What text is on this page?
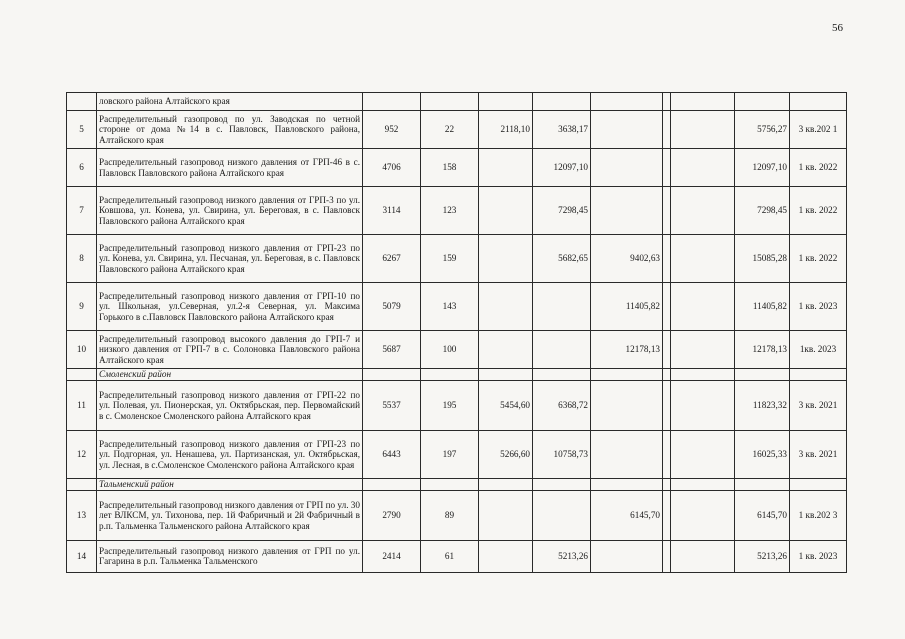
56
	ловского района Алтайского края										
5	Распределительный газопровод по ул. Заводская по четной стороне от дома №14 в с. Павловск, Павловского района, Алтайского края	952	22	2118,10	3638,17				5756,27	3 кв.202 1	
6	Распределительный газопровод низкого давления от ГРП-46 в с. Павловск Павловского района Алтайского края	4706	158		12097,10				12097,10	1 кв. 2022	
7	Распределительный газопровод низкого давления от ГРП-3 по ул. Ковшова, ул. Конева, ул. Свирина, ул. Береговая, в с. Павловск Павловского района Алтайского края	3114	123		7298,45				7298,45	1 кв. 2022	
8	Распределительный газопровод низкого давления от ГРП-23 по ул. Конева, ул. Свирина, ул. Песчаная, ул. Береговая, в с. Павловск Павловского района Алтайского края	6267	159		5682,65	9402,63			15085,28	1 кв. 2022	
9	Распределительный газопровод низкого давления от ГРП-10 по ул. Школьная, ул.Северная, ул.2-я Северная, ул. Максима Горького в с.Павловск Павловского района Алтайского края	5079	143			11405,82			11405,82	1 кв. 2023	
10	Распределительный газопровод высокого давления до ГРП-7 и низкого давления от ГРП-7 в с. Солоновка Павловского района Алтайского края	5687	100			12178,13			12178,13	1кв. 2023	
	Смоленский район										
11	Распределительный газопровод низкого давления от ГРП-22 по ул. Полевая, ул. Пионерская, ул. Октябрьская, пер. Первомайский в с. Смоленское Смоленского района Алтайского края	5537	195	5454,60	6368,72				11823,32	3 кв. 2021	
12	Распределительный газопровод низкого давления от ГРП-23 по ул. Подгорная, ул. Ненашева, ул. Партизанская, ул. Октябрьская, ул. Лесная, в с.Смоленское Смоленского района Алтайского края	6443	197	5266,60	10758,73				16025,33	3 кв. 2021	
	Тальменский район										
13	Распределительный газопровод низкого давления от ГРП по ул. 30 лет ВЛКСМ, ул. Тихонова, пер. 1й Фабричный и 2й Фабричный в р.п. Тальменка Тальменского района Алтайского края	2790	89			6145,70			6145,70	1 кв.202 3	
14	Распределительный газопровод низкого давления от ГРП по ул. Гагарина в р.п. Тальменка Тальменского	2414	61		5213,26				5213,26	1 кв. 2023	
